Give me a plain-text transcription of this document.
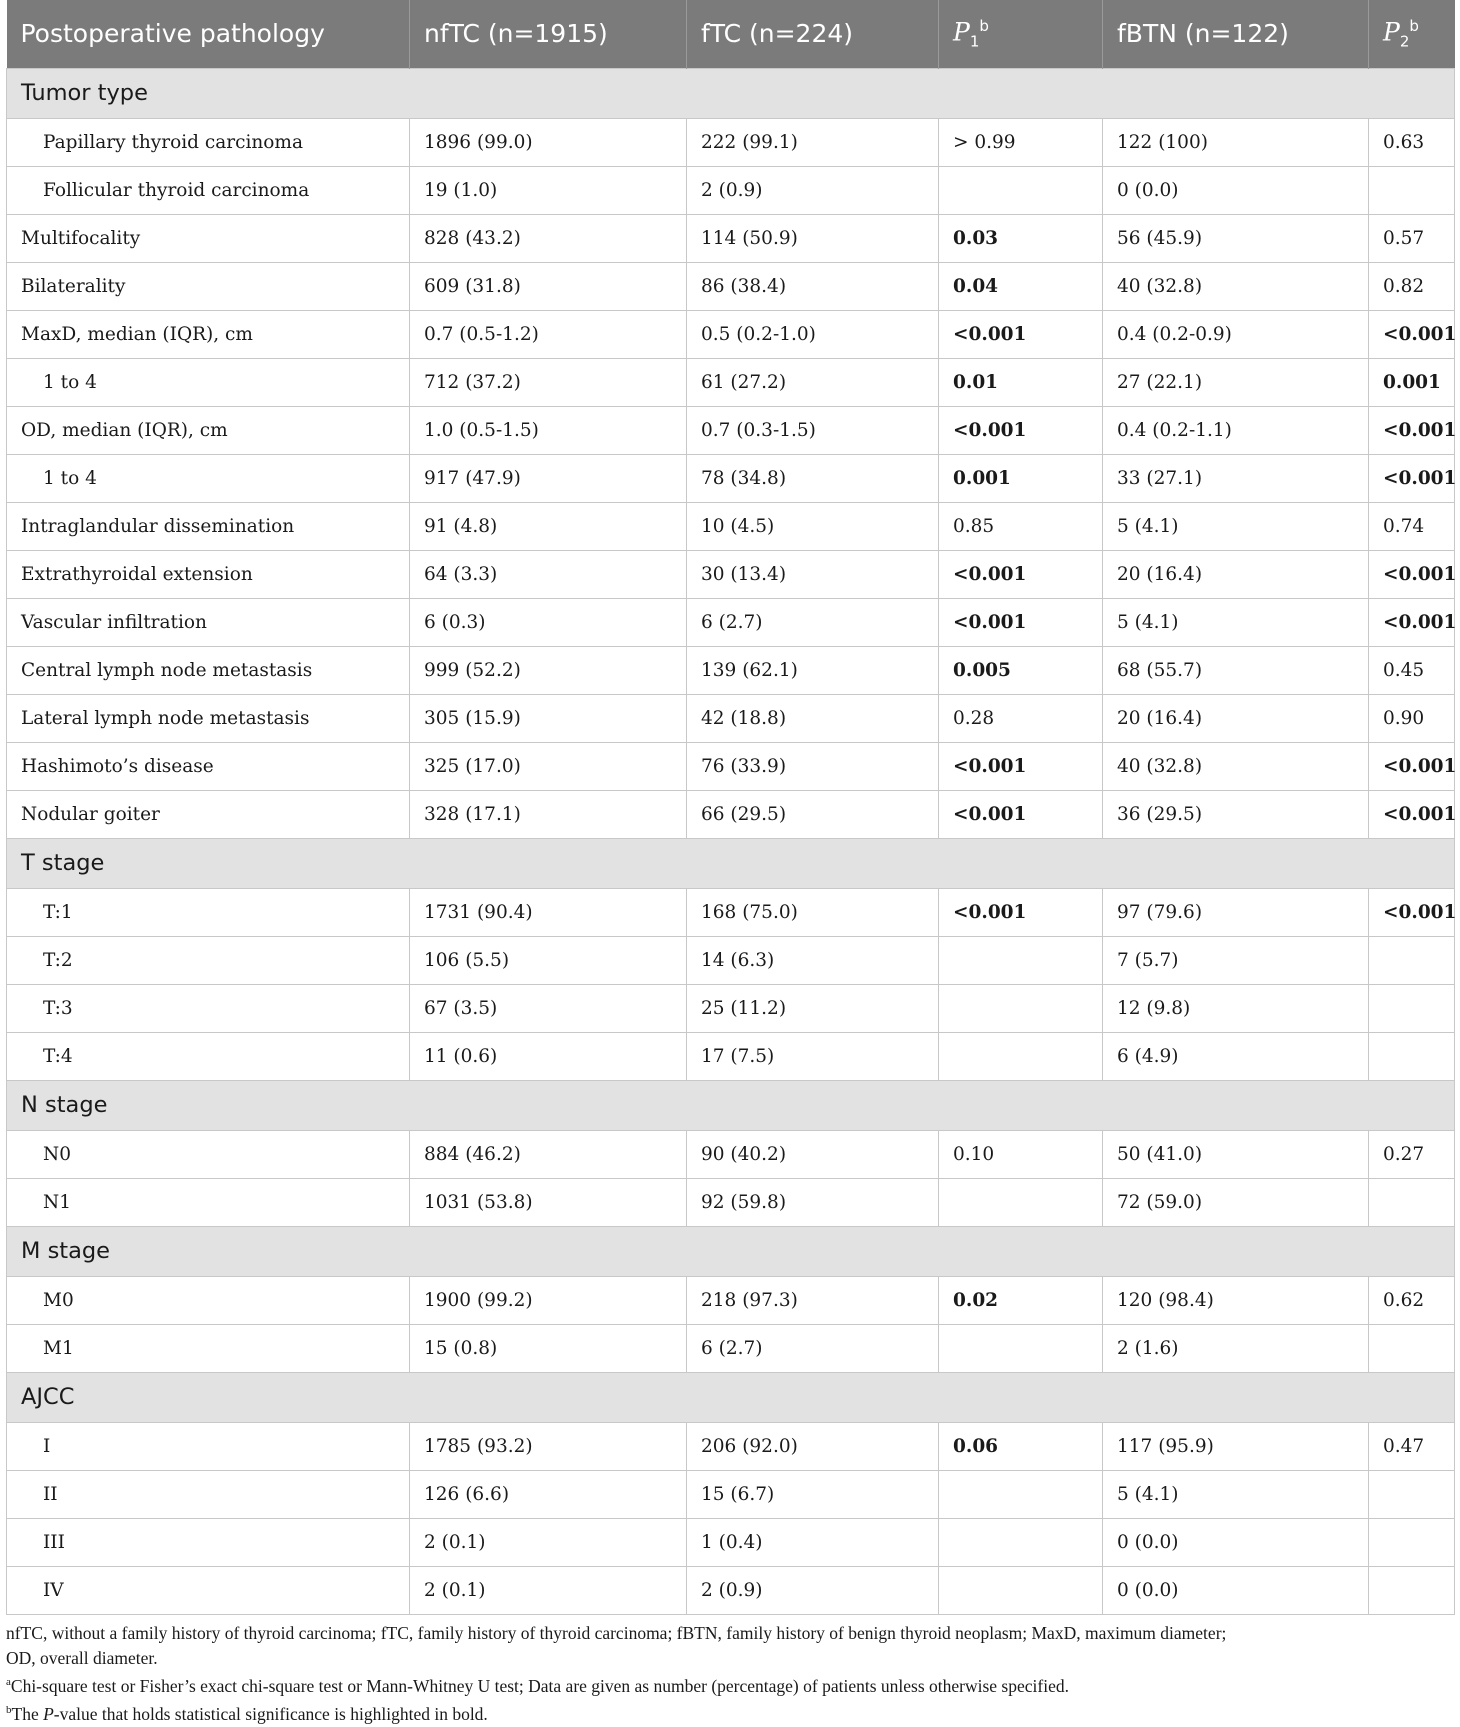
Postoperative pathology	nfTC (n=1915)	fTC (n=224)	$P_1^b$	fBTN (n=122)	$P_2^b$
Tumor type					
Papillary thyroid carcinoma	1896 (99.0)	222 (99.1)	> 0.99	122 (100)	0.63
Follicular thyroid carcinoma	19 (1.0)	2 (0.9)		0 (0.0)	
Multifocality	828 (43.2)	114 (50.9)	0.03	56 (45.9)	0.57
Bilaterality	609 (31.8)	86 (38.4)	0.04	40 (32.8)	0.82
MaxD, median (IQR), cm	0.7 (0.5-1.2)	0.5 (0.2-1.0)	<0.001	0.4 (0.2-0.9)	<0.001
1 to 4	712 (37.2)	61 (27.2)	0.01	27 (22.1)	0.001
OD, median (IQR), cm	1.0 (0.5-1.5)	0.7 (0.3-1.5)	<0.001	0.4 (0.2-1.1)	<0.001
1 to 4	917 (47.9)	78 (34.8)	0.001	33 (27.1)	<0.001
Intraglandular dissemination	91 (4.8)	10 (4.5)	0.85	5 (4.1)	0.74
Extrathyroidal extension	64 (3.3)	30 (13.4)	<0.001	20 (16.4)	<0.001
Vascular infiltration	6 (0.3)	6 (2.7)	<0.001	5 (4.1)	<0.001
Central lymph node metastasis	999 (52.2)	139 (62.1)	0.005	68 (55.7)	0.45
Lateral lymph node metastasis	305 (15.9)	42 (18.8)	0.28	20 (16.4)	0.90
Hashimoto’s disease	325 (17.0)	76 (33.9)	<0.001	40 (32.8)	<0.001
Nodular goiter	328 (17.1)	66 (29.5)	<0.001	36 (29.5)	<0.001
T stage					
T:1	1731 (90.4)	168 (75.0)	<0.001	97 (79.6)	<0.001
T:2	106 (5.5)	14 (6.3)		7 (5.7)	
T:3	67 (3.5)	25 (11.2)		12 (9.8)	
T:4	11 (0.6)	17 (7.5)		6 (4.9)	
N stage					
N0	884 (46.2)	90 (40.2)	0.10	50 (41.0)	0.27
N1	1031 (53.8)	92 (59.8)		72 (59.0)	
M stage					
M0	1900 (99.2)	218 (97.3)	0.02	120 (98.4)	0.62
M1	15 (0.8)	6 (2.7)		2 (1.6)	
AJCC					
I	1785 (93.2)	206 (92.0)	0.06	117 (95.9)	0.47
II	126 (6.6)	15 (6.7)		5 (4.1)	
III	2 (0.1)	1 (0.4)		0 (0.0)	
IV	2 (0.1)	2 (0.9)		0 (0.0)	
nfTC, without a family history of thyroid carcinoma; fTC, family history of thyroid carcinoma; fBTN, family history of benign thyroid neoplasm; MaxD, maximum diameter;
OD, overall diameter.
$^a$Chi-square test or Fisher’s exact chi-square test or Mann-Whitney U test; Data are given as number (percentage) of patients unless otherwise specified.
$^b$The P-value that holds statistical significance is highlighted in bold.
